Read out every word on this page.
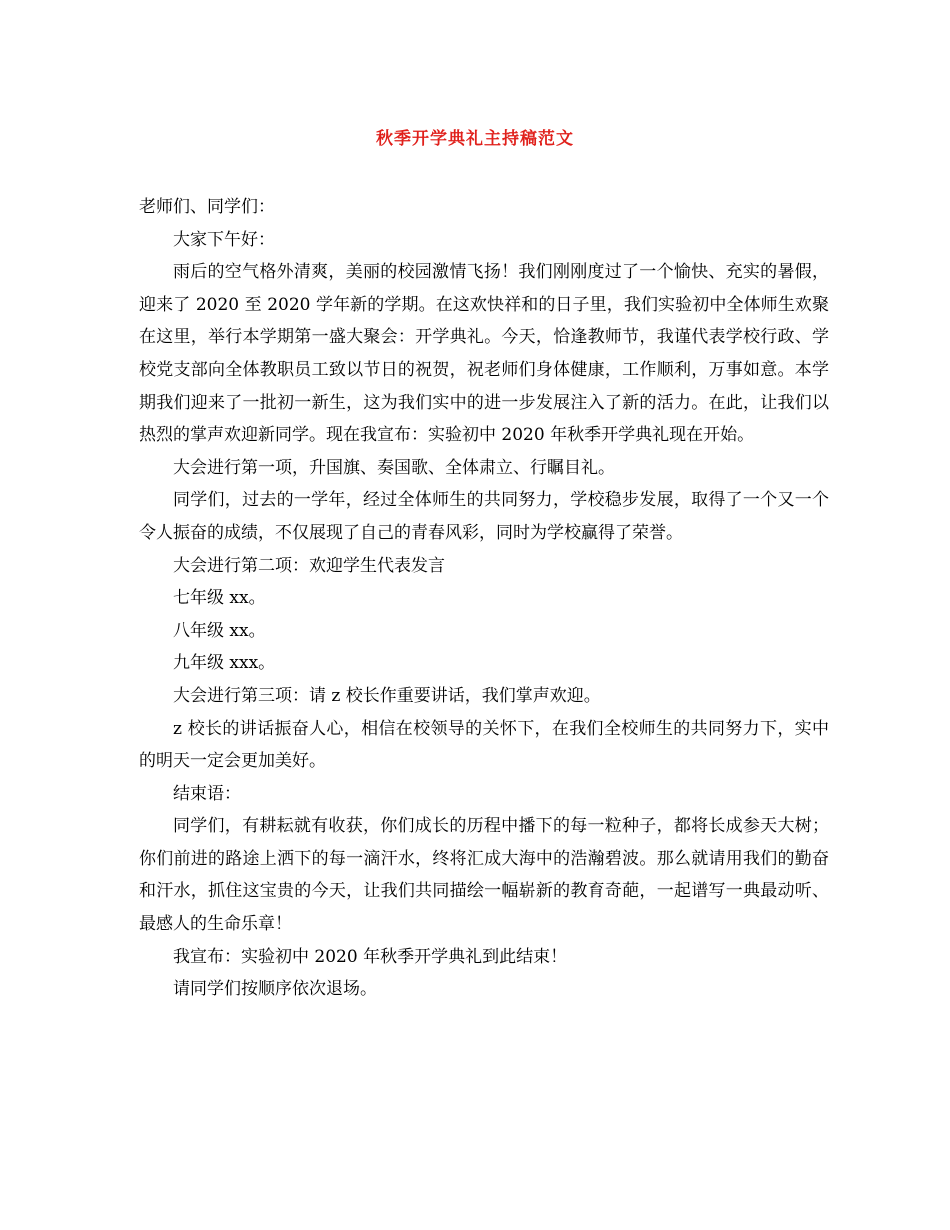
秋季开学典礼主持稿范文

老师们、同学们：

大家下午好：

雨后的空气格外清爽，美丽的校园激情飞扬！我们刚刚度过了一个愉快、充实的暑假，迎来了 2020 至 2020 学年新的学期。在这欢快祥和的日子里，我们实验初中全体师生欢聚在这里，举行本学期第一盛大聚会：开学典礼。今天，恰逢教师节，我谨代表学校行政、学校党支部向全体教职员工致以节日的祝贺，祝老师们身体健康，工作顺利，万事如意。本学期我们迎来了一批初一新生，这为我们实中的进一步发展注入了新的活力。在此，让我们以热烈的掌声欢迎新同学。现在我宣布：实验初中 2020 年秋季开学典礼现在开始。

大会进行第一项，升国旗、奏国歌、全体肃立、行瞩目礼。

同学们，过去的一学年，经过全体师生的共同努力，学校稳步发展，取得了一个又一个令人振奋的成绩，不仅展现了自己的青春风彩，同时为学校赢得了荣誉。

大会进行第二项：欢迎学生代表发言

七年级 xx。

八年级 xx。

九年级 xxx。

大会进行第三项：请 z 校长作重要讲话，我们掌声欢迎。

z 校长的讲话振奋人心，相信在校领导的关怀下，在我们全校师生的共同努力下，实中的明天一定会更加美好。

结束语：

同学们，有耕耘就有收获，你们成长的历程中播下的每一粒种子，都将长成参天大树；你们前进的路途上洒下的每一滴汗水，终将汇成大海中的浩瀚碧波。那么就请用我们的勤奋和汗水，抓住这宝贵的今天，让我们共同描绘一幅崭新的教育奇葩，一起谱写一典最动听、最感人的生命乐章！

我宣布：实验初中 2020 年秋季开学典礼到此结束！

请同学们按顺序依次退场。
